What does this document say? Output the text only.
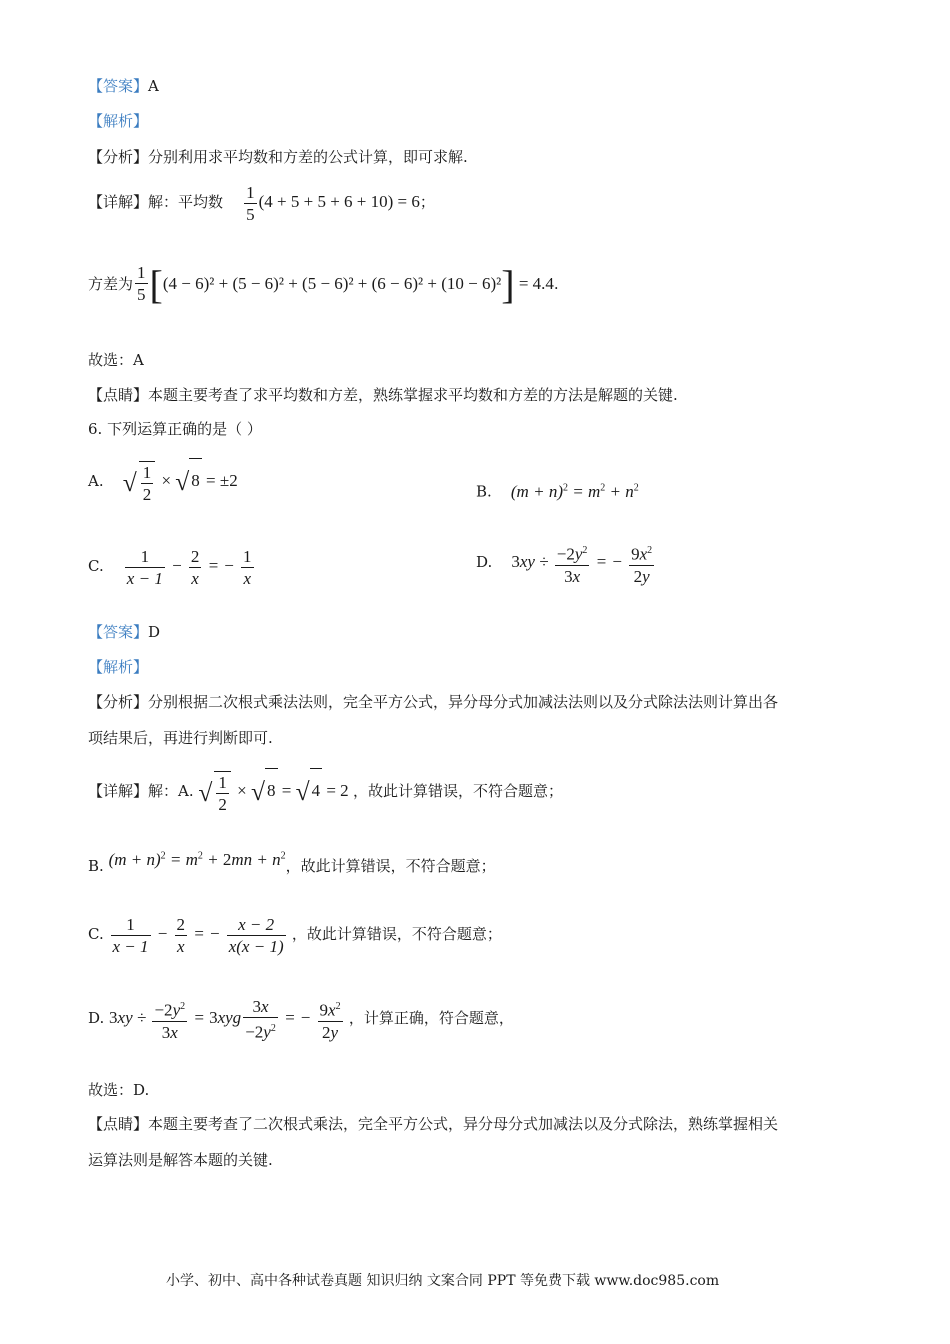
【答案】A
【解析】
【分析】分别利用求平均数和方差的公式计算，即可求解.
【详解】解：平均数 $\frac{1}{5} (4 + 5 + 5 + 6 + 10) = 6$；
方差为 $\frac{1}{5} [(4 - 6)^2 + (5 - 6)^2 + (5 - 6)^2 + (6 - 6)^2 + (10 - 6)^2] = 4.4$.
故选：A
【点睛】本题主要考查了求平均数和方差，熟练掌握求平均数和方差的方法是解题的关键.
6. 下列运算正确的是（ ）
A. √ $\frac{1}{2}$ × √ 8 = ±2
B. $(m + n)^2 = m^2 + n^2$
C. $\frac{1}{x - 1} - \frac{2}{x}$ = − $\frac{1}{x}$	D. $3xy \div \frac{-2y^2}{3x}$ = − $\frac{9x^2}{2y}$
【答案】D
【解析】
【分析】分别根据二次根式乘法法则，完全平方公式，异分母分式加减法法则以及分式除法法则计算出各
项结果后，再进行判断即可.
【详解】解：A. √ $\frac{1}{2}$ × √ 8 = √ 4 = 2 ，故此计算错误，不符合题意；
B. $(m + n)^2 = m^2 + 2mn + n^2$，故此计算错误，不符合题意；
C. $\frac{1}{x - 1} - \frac{2}{x}$ = − $\frac{x - 2}{x(x - 1)}$ ，故此计算错误，不符合题意；
D. $3xy \div \frac{-2y^2}{3x} = 3xyg \frac{3x}{-2y^2}$ = − $\frac{9x^2}{2y}$ ，计算正确，符合题意，
故选：D.
【点睛】本题主要考查了二次根式乘法，完全平方公式，异分母分式加减法以及分式除法，熟练掌握相关
运算法则是解答本题的关键.
小学、初中、高中各种试卷真题 知识归纳 文案合同 PPT 等免费下载 www.doc985.com
